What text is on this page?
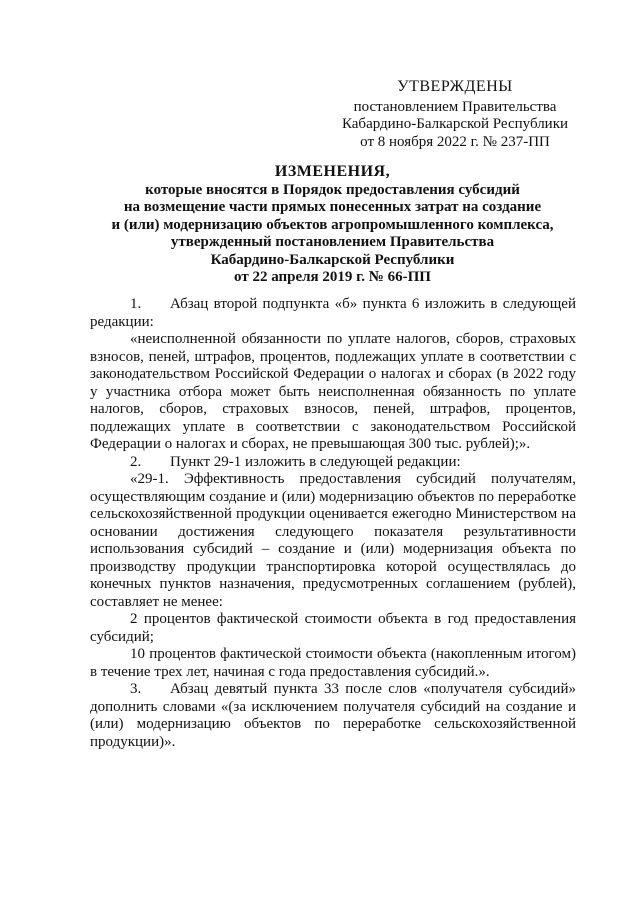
УТВЕРЖДЕНЫ
постановлением Правительства
Кабардино-Балкарской Республики
от 8 ноября 2022 г. № 237-ПП
ИЗМЕНЕНИЯ,
которые вносятся в Порядок предоставления субсидий
на возмещение части прямых понесенных затрат на создание
и (или) модернизацию объектов агропромышленного комплекса,
утвержденный постановлением Правительства
Кабардино-Балкарской Республики
от 22 апреля 2019 г. № 66-ПП

1. Абзац второй подпункта «б» пункта 6 изложить в следующей редакции:

«неисполненной обязанности по уплате налогов, сборов, страховых взносов, пеней, штрафов, процентов, подлежащих уплате в соответствии с законодательством Российской Федерации о налогах и сборах (в 2022 году у участника отбора может быть неисполненная обязанность по уплате налогов, сборов, страховых взносов, пеней, штрафов, процентов, подлежащих уплате в соответствии с законодательством Российской Федерации о налогах и сборах, не превышающая 300 тыс. рублей);».

2. Пункт 29-1 изложить в следующей редакции:

«29-1. Эффективность предоставления субсидий получателям, осуществляющим создание и (или) модернизацию объектов по переработке сельскохозяйственной продукции оценивается ежегодно Министерством на основании достижения следующего показателя результативности использования субсидий – создание и (или) модернизация объекта по производству продукции транспортировка которой осуществлялась до конечных пунктов назначения, предусмотренных соглашением (рублей), составляет не менее:

2 процентов фактической стоимости объекта в год предоставления субсидий;

10 процентов фактической стоимости объекта (накопленным итогом) в течение трех лет, начиная с года предоставления субсидий.».

3. Абзац девятый пункта 33 после слов «получателя субсидий» дополнить словами «(за исключением получателя субсидий на создание и (или) модернизацию объектов по переработке сельскохозяйственной продукции)».
